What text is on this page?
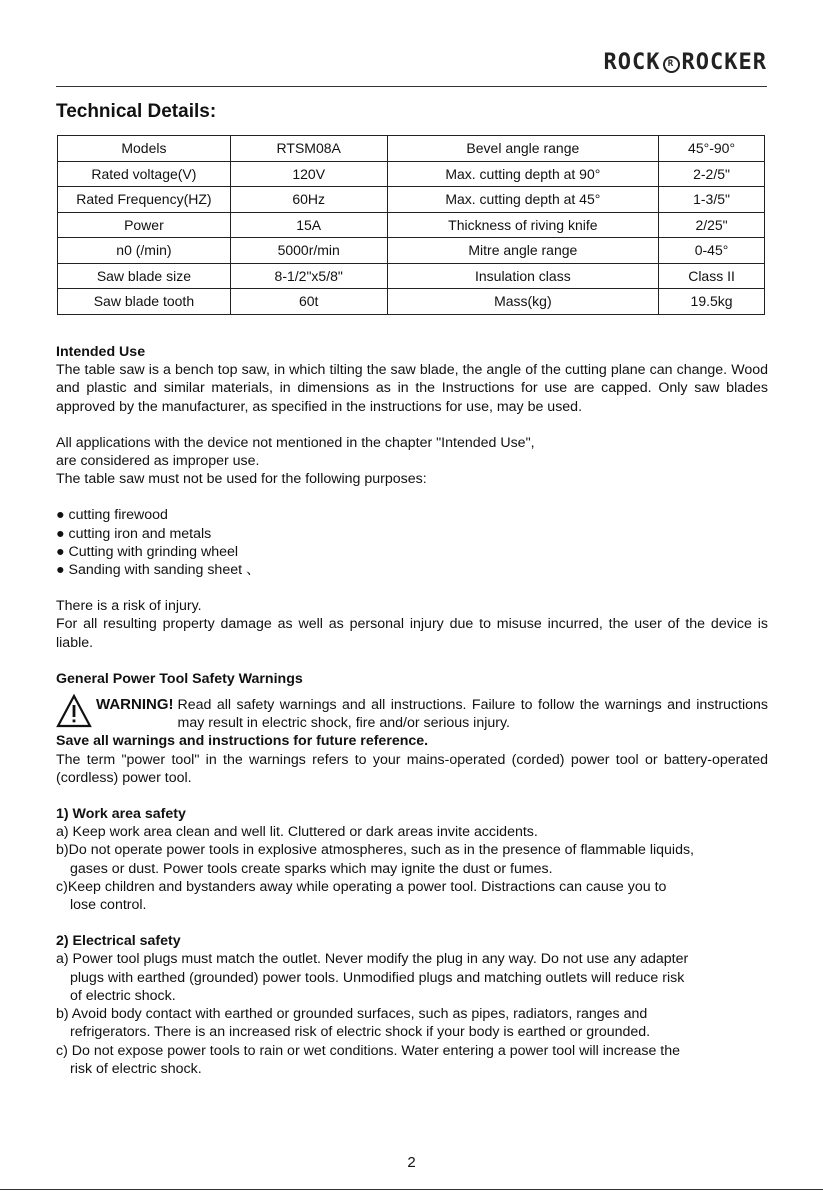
ROCK R ROCKER
Technical Details:
Models	RTSM08A	Bevel angle range	45°-90°
Rated voltage(V)	120V	Max. cutting depth at 90°	2-2/5"
Rated Frequency(HZ)	60Hz	Max. cutting depth at 45°	1-3/5"
Power	15A	Thickness of riving knife	2/25"
n0 (/min)	5000r/min	Mitre angle range	0-45°
Saw blade size	8-1/2"x5/8"	Insulation class	Class II
Saw blade tooth	60t	Mass(kg)	19.5kg

Intended Use

The table saw is a bench top saw, in which tilting the saw blade, the angle of the cutting plane can change. Wood and plastic and similar materials, in dimensions as in the Instructions for use are capped. Only saw blades approved by the manufacturer, as specified in the instructions for use, may be used.

All applications with the device not mentioned in the chapter "Intended Use",

are considered as improper use.

The table saw must not be used for the following purposes:

● cutting firewood

● cutting iron and metals

● Cutting with grinding wheel

● Sanding with sanding sheet 、

There is a risk of injury.

For all resulting property damage as well as personal injury due to misuse incurred, the user of the device is liable.

General Power Tool Safety Warnings

WARNING! Read all safety warnings and all instructions. Failure to follow the warnings and instructions may result in electric shock, fire and/or serious injury.

Save all warnings and instructions for future reference.

The term "power tool" in the warnings refers to your mains-operated (corded) power tool or battery-operated (cordless) power tool.

1) Work area safety

a) Keep work area clean and well lit. Cluttered or dark areas invite accidents.

b)Do not operate power tools in explosive atmospheres, such as in the presence of flammable liquids,

gases or dust. Power tools create sparks which may ignite the dust or fumes.

c)Keep children and bystanders away while operating a power tool. Distractions can cause you to

lose control.

2) Electrical safety

a) Power tool plugs must match the outlet. Never modify the plug in any way. Do not use any adapter

plugs with earthed (grounded) power tools. Unmodified plugs and matching outlets will reduce risk

of electric shock.

b) Avoid body contact with earthed or grounded surfaces, such as pipes, radiators, ranges and

refrigerators. There is an increased risk of electric shock if your body is earthed or grounded.

c) Do not expose power tools to rain or wet conditions. Water entering a power tool will increase the

risk of electric shock.

2
